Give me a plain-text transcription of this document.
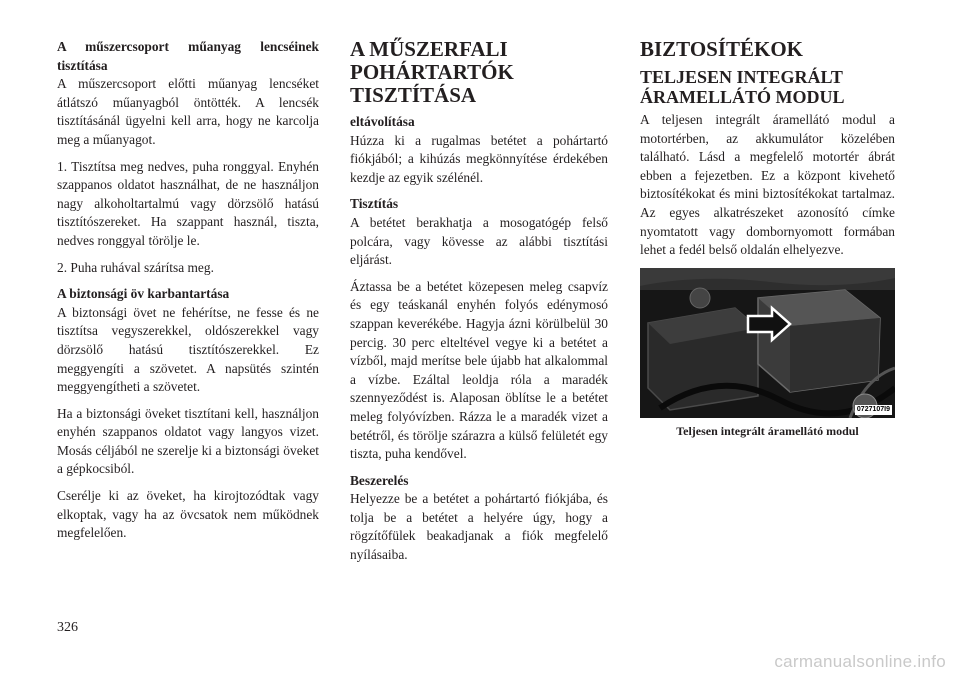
A műszercsoport műanyag lencséinek tisztítása

A műszercsoport előtti műanyag lencséket átlátszó műanyagból öntötték. A lencsék tisztításánál ügyelni kell arra, hogy ne karcolja meg a műanyagot.

1. Tisztítsa meg nedves, puha ronggyal. Enyhén szappanos oldatot használhat, de ne használjon nagy alkoholtartalmú vagy dörzsölő hatású tisztítószereket. Ha szappant használ, tiszta, nedves ronggyal törölje le.

2. Puha ruhával szárítsa meg.

A biztonsági öv karbantartása

A biztonsági övet ne fehérítse, ne fesse és ne tisztítsa vegyszerekkel, oldószerekkel vagy dörzsölő hatású tisztítószerekkel. Ez meggyengíti a szövetet. A napsütés szintén meggyengítheti a szövetet.

Ha a biztonsági öveket tisztítani kell, használjon enyhén szappanos oldatot vagy langyos vizet. Mosás céljából ne szerelje ki a biztonsági öveket a gépkocsiból.

Cserélje ki az öveket, ha kirojtozódtak vagy elkoptak, vagy ha az övcsatok nem működnek megfelelően.

A MŰSZERFALI POHÁRTARTÓK TISZTÍTÁSA

eltávolítása

Húzza ki a rugalmas betétet a pohártartó fiókjából; a kihúzás megkönnyítése érdekében kezdje az egyik szélénél.

Tisztítás

A betétet berakhatja a mosogatógép felső polcára, vagy kövesse az alábbi tisztítási eljárást.

Áztassa be a betétet közepesen meleg csapvíz és egy teáskanál enyhén folyós edénymosó szappan keverékébe. Hagyja ázni körülbelül 30 percig. 30 perc elteltével vegye ki a betétet a vízből, majd merítse bele újabb hat alkalommal a vízbe. Ezáltal leoldja róla a maradék szennyeződést is. Alaposan öblítse le a betétet meleg folyóvízben. Rázza le a maradék vizet a betétről, és törölje szárazra a külső felületét egy tiszta, puha kendővel.

Beszerelés

Helyezze be a betétet a pohártartó fiókjába, és tolja be a betétet a helyére úgy, hogy a rögzítőfülek beakadjanak a fiók megfelelő nyílásaiba.

BIZTOSÍTÉKOK
TELJESEN INTEGRÁLT ÁRAMELLÁTÓ MODUL

A teljesen integrált áramellátó modul a motortérben, az akkumulátor közelében található. Lásd a megfelelő motortér ábrát ebben a fejezetben. Ez a központ kivehető biztosítékokat és mini biztosítékokat tartalmaz. Az egyes alkatrészeket azonosító címke nyomtatott vagy dombornyomott formában lehet a fedél belső oldalán elhelyezve.

0727107I9
Teljesen integrált áramellátó modul
326
carmanualsonline.info
